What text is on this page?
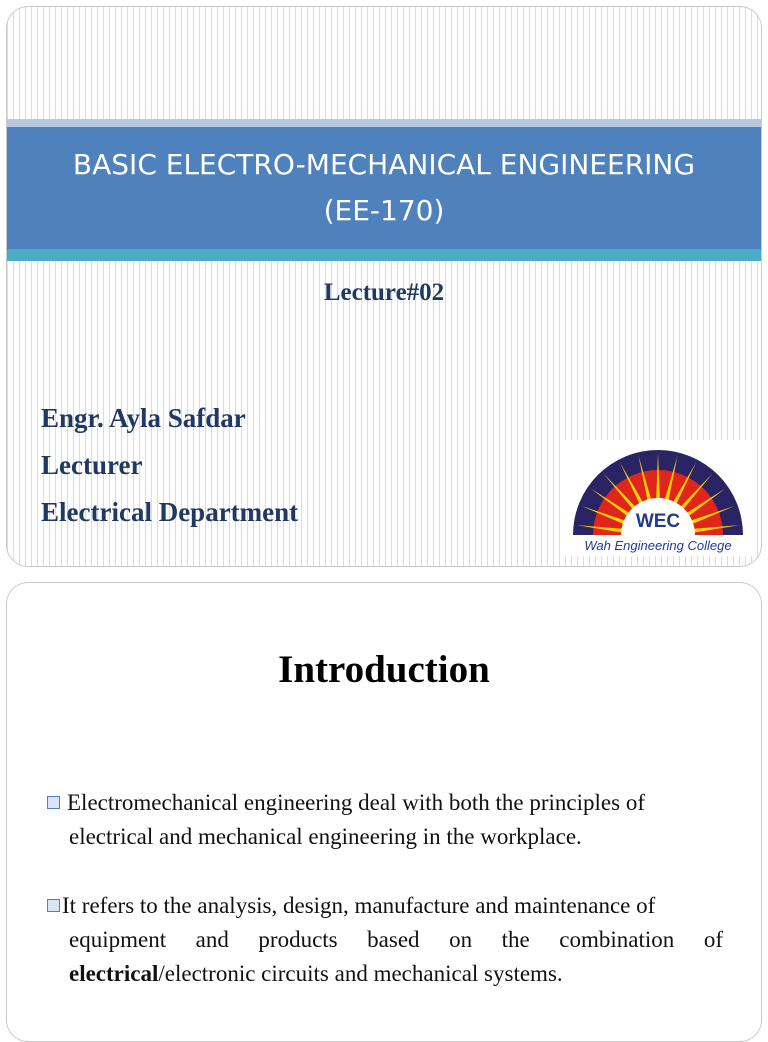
BASIC ELECTRO-MECHANICAL ENGINEERING
(EE-170)
Lecture#02
Engr. Ayla Safdar
Lecturer
Electrical Department	WEC
Wah Engineering College
Introduction
Electromechanical engineering deal with both the principles of
electrical and mechanical engineering in the workplace.
It refers to the analysis, design, manufacture and maintenance of
equipment and products based on the combination of
electrical/electronic circuits and mechanical systems.
